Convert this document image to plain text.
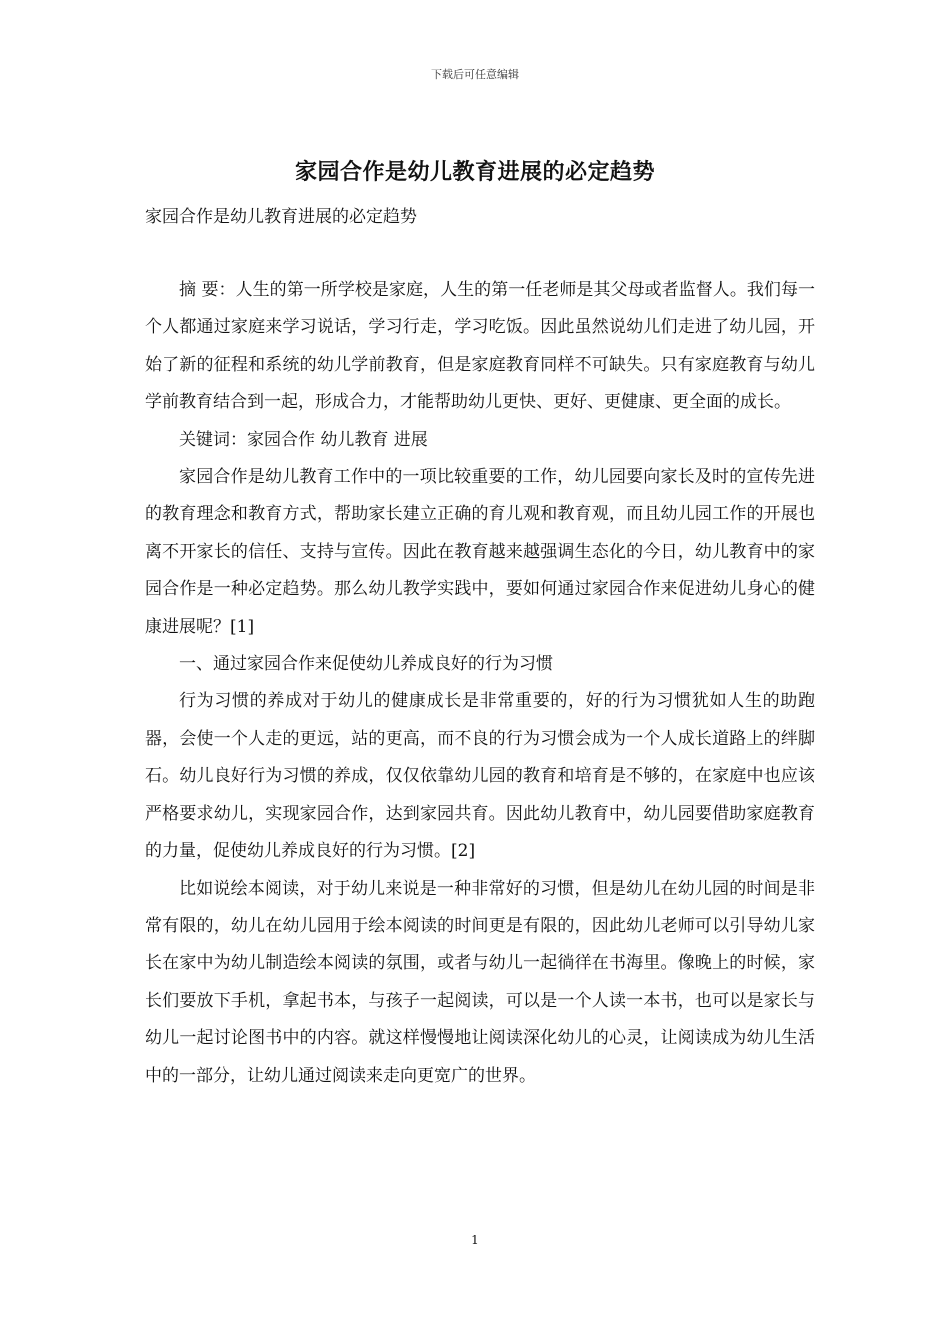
下载后可任意编辑
家园合作是幼儿教育进展的必定趋势
家园合作是幼儿教育进展的必定趋势

摘 要：人生的第一所学校是家庭，人生的第一任老师是其父母或者监督人。我们每一个人都通过家庭来学习说话，学习行走，学习吃饭。因此虽然说幼儿们走进了幼儿园，开始了新的征程和系统的幼儿学前教育，但是家庭教育同样不可缺失。只有家庭教育与幼儿学前教育结合到一起，形成合力，才能帮助幼儿更快、更好、更健康、更全面的成长。

关键词：家园合作 幼儿教育 进展

家园合作是幼儿教育工作中的一项比较重要的工作，幼儿园要向家长及时的宣传先进的教育理念和教育方式，帮助家长建立正确的育儿观和教育观，而且幼儿园工作的开展也离不开家长的信任、支持与宣传。因此在教育越来越强调生态化的今日，幼儿教育中的家园合作是一种必定趋势。那么幼儿教学实践中，要如何通过家园合作来促进幼儿身心的健康进展呢？[1]

一、通过家园合作来促使幼儿养成良好的行为习惯

行为习惯的养成对于幼儿的健康成长是非常重要的，好的行为习惯犹如人生的助跑器，会使一个人走的更远，站的更高，而不良的行为习惯会成为一个人成长道路上的绊脚石。幼儿良好行为习惯的养成，仅仅依靠幼儿园的教育和培育是不够的，在家庭中也应该严格要求幼儿，实现家园合作，达到家园共育。因此幼儿教育中，幼儿园要借助家庭教育的力量，促使幼儿养成良好的行为习惯。[2]

比如说绘本阅读，对于幼儿来说是一种非常好的习惯，但是幼儿在幼儿园的时间是非常有限的，幼儿在幼儿园用于绘本阅读的时间更是有限的，因此幼儿老师可以引导幼儿家长在家中为幼儿制造绘本阅读的氛围，或者与幼儿一起徜徉在书海里。像晚上的时候，家长们要放下手机，拿起书本，与孩子一起阅读，可以是一个人读一本书，也可以是家长与幼儿一起讨论图书中的内容。就这样慢慢地让阅读深化幼儿的心灵，让阅读成为幼儿生活中的一部分，让幼儿通过阅读来走向更宽广的世界。

1
